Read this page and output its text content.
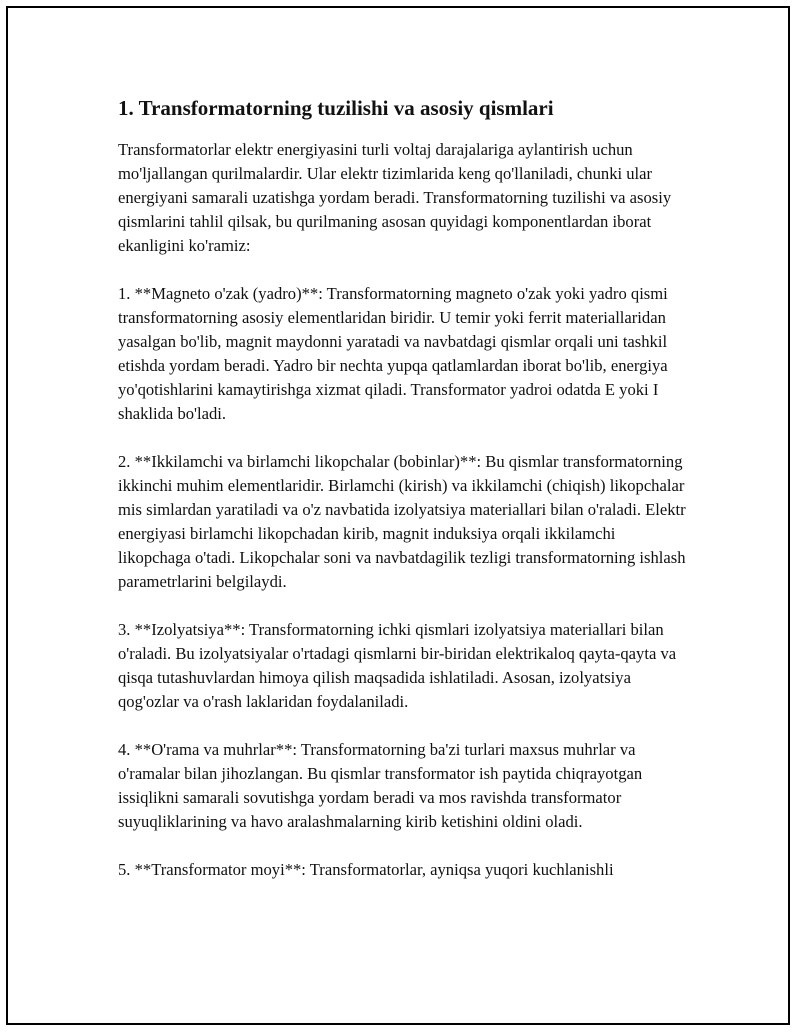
1. Transformatorning tuzilishi va asosiy qismlari

Transformatorlar elektr energiyasini turli voltaj darajalariga aylantirish uchun mo'ljallangan qurilmalardir. Ular elektr tizimlarida keng qo'llaniladi, chunki ular energiyani samarali uzatishga yordam beradi. Transformatorning tuzilishi va asosiy qismlarini tahlil qilsak, bu qurilmaning asosan quyidagi komponentlardan iborat ekanligini ko'ramiz:

1. **Magneto o'zak (yadro)**: Transformatorning magneto o'zak yoki yadro qismi transformatorning asosiy elementlaridan biridir. U temir yoki ferrit materiallaridan yasalgan bo'lib, magnit maydonni yaratadi va navbatdagi qismlar orqali uni tashkil etishda yordam beradi. Yadro bir nechta yupqa qatlamlardan iborat bo'lib, energiya yo'qotishlarini kamaytirishga xizmat qiladi. Transformator yadroi odatda E yoki I shaklida bo'ladi.

2. **Ikkilamchi va birlamchi likopchalar (bobinlar)**: Bu qismlar transformatorning ikkinchi muhim elementlaridir. Birlamchi (kirish) va ikkilamchi (chiqish) likopchalar mis simlardan yaratiladi va o'z navbatida izolyatsiya materiallari bilan o'raladi. Elektr energiyasi birlamchi likopchadan kirib, magnit induksiya orqali ikkilamchi likopchaga o'tadi. Likopchalar soni va navbatdagilik tezligi transformatorning ishlash parametrlarini belgilaydi.

3. **Izolyatsiya**: Transformatorning ichki qismlari izolyatsiya materiallari bilan o'raladi. Bu izolyatsiyalar o'rtadagi qismlarni bir-biridan elektrikaloq qayta-qayta va qisqa tutashuvlardan himoya qilish maqsadida ishlatiladi. Asosan, izolyatsiya qog'ozlar va o'rash laklaridan foydalaniladi.

4. **O'rama va muhrlar**: Transformatorning ba'zi turlari maxsus muhrlar va o'ramalar bilan jihozlangan. Bu qismlar transformator ish paytida chiqrayotgan issiqlikni samarali sovutishga yordam beradi va mos ravishda transformator suyuqliklarining va havo aralashmalarning kirib ketishini oldini oladi.

5. **Transformator moyi**: Transformatorlar, ayniqsa yuqori kuchlanishli
